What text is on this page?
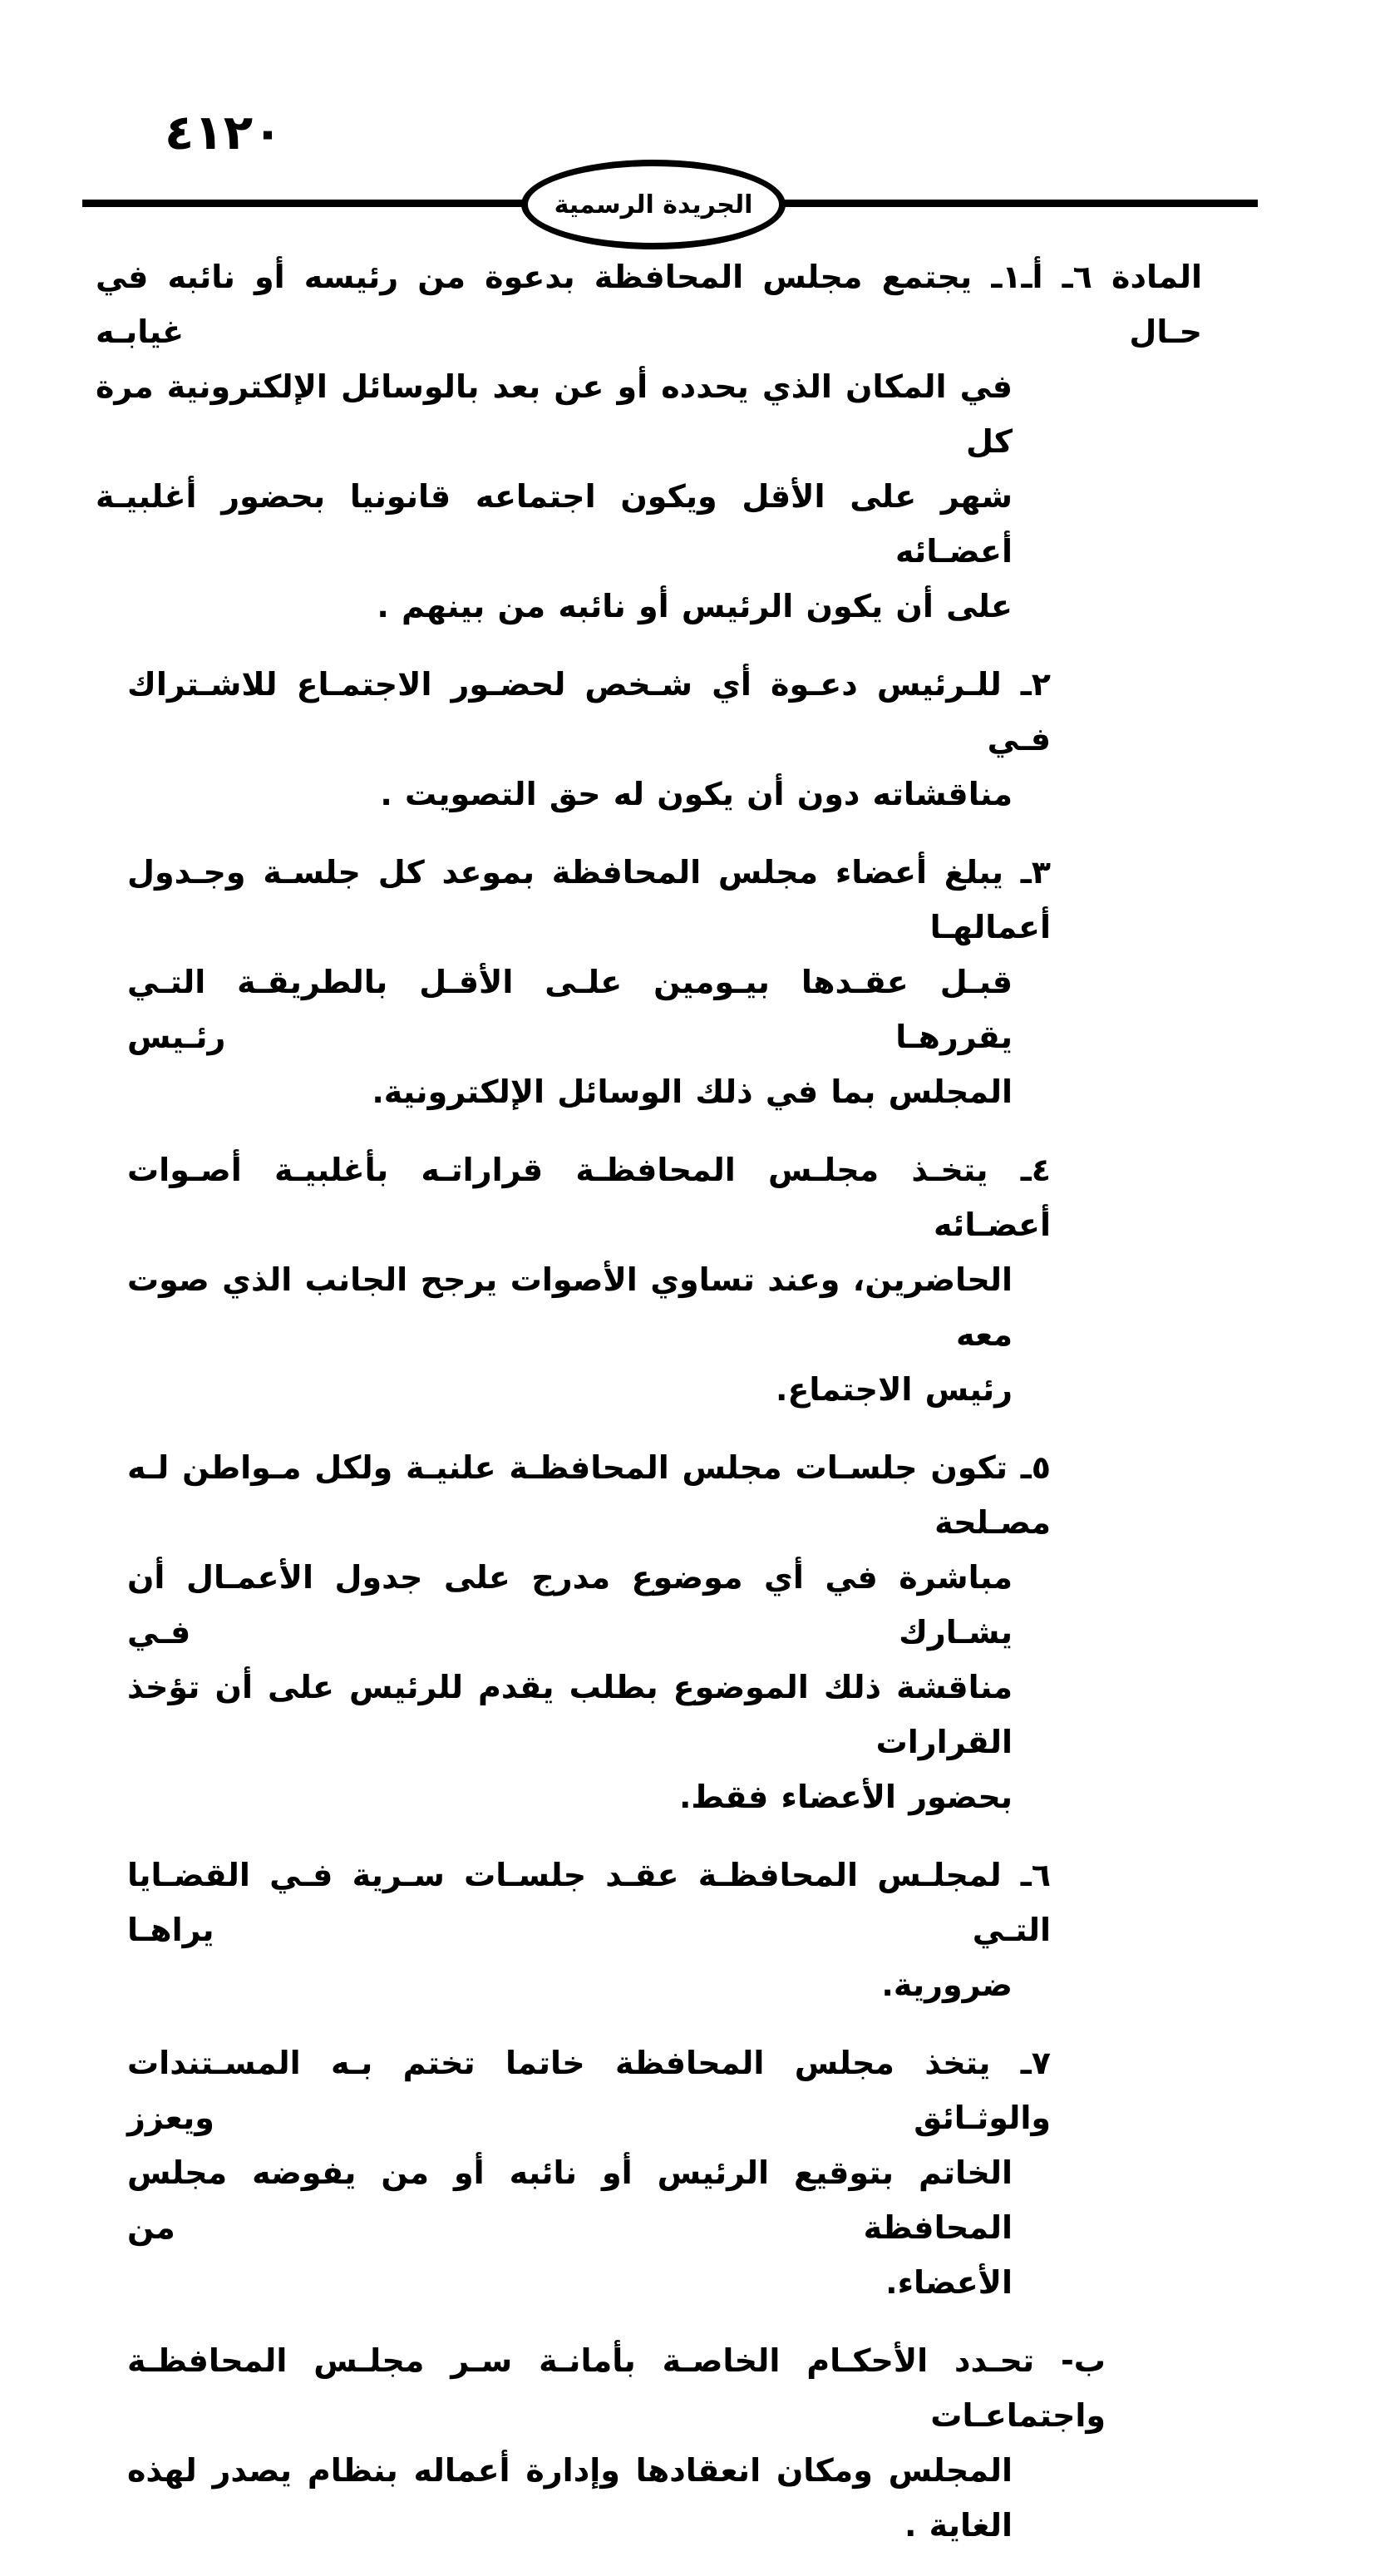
٤١٢٠
الجريدة الرسمية
المادة ٦ـ أـ١ـ يجتمع مجلس المحافظة بدعوة من رئيسه أو نائبه في حـال غيابـه
في المكان الذي يحدده أو عن بعد بالوسائل الإلكترونية مرة كل
شهر على الأقل ويكون اجتماعه قانونيا بحضور أغلبيـة أعضـائه
على أن يكون الرئيس أو نائبه من بينهم .
٢ـ للـرئيس دعـوة أي شـخص لحضـور الاجتمـاع للاشـتراك فـي
مناقشاته دون أن يكون له حق التصويت .
٣ـ يبلغ أعضاء مجلس المحافظة بموعد كل جلسـة وجـدول أعمالهـا
قبـل عقـدها بيـومين علـى الأقـل بالطريقـة التـي يقررهـا رئـيس
المجلس بما في ذلك الوسائل الإلكترونية.
٤ـ يتخـذ مجلـس المحافظـة قراراتـه بأغلبيـة أصـوات أعضـائه
الحاضرين، وعند تساوي الأصوات يرجح الجانب الذي صوت معه
رئيس الاجتماع.
٥ـ تكون جلسـات مجلس المحافظـة علنيـة ولكل مـواطن لـه مصـلحة
مباشرة في أي موضوع مدرج على جدول الأعمـال أن يشـارك فـي
مناقشة ذلك الموضوع بطلب يقدم للرئيس على أن تؤخذ القرارات
بحضور الأعضاء فقط.
٦ـ لمجلـس المحافظـة عقـد جلسـات سـرية فـي القضـايا التـي يراهـا
ضرورية.
٧ـ يتخذ مجلس المحافظة خاتما تختم بـه المسـتندات والوثـائق ويعزز
الخاتم بتوقيع الرئيس أو نائبه أو من يفوضه مجلس المحافظة من
الأعضاء.
ب- تحـدد الأحكـام الخاصـة بأمانـة سـر مجلـس المحافظـة واجتماعـات
المجلس ومكان انعقادها وإدارة أعماله بنظام يصدر لهذه الغاية .
